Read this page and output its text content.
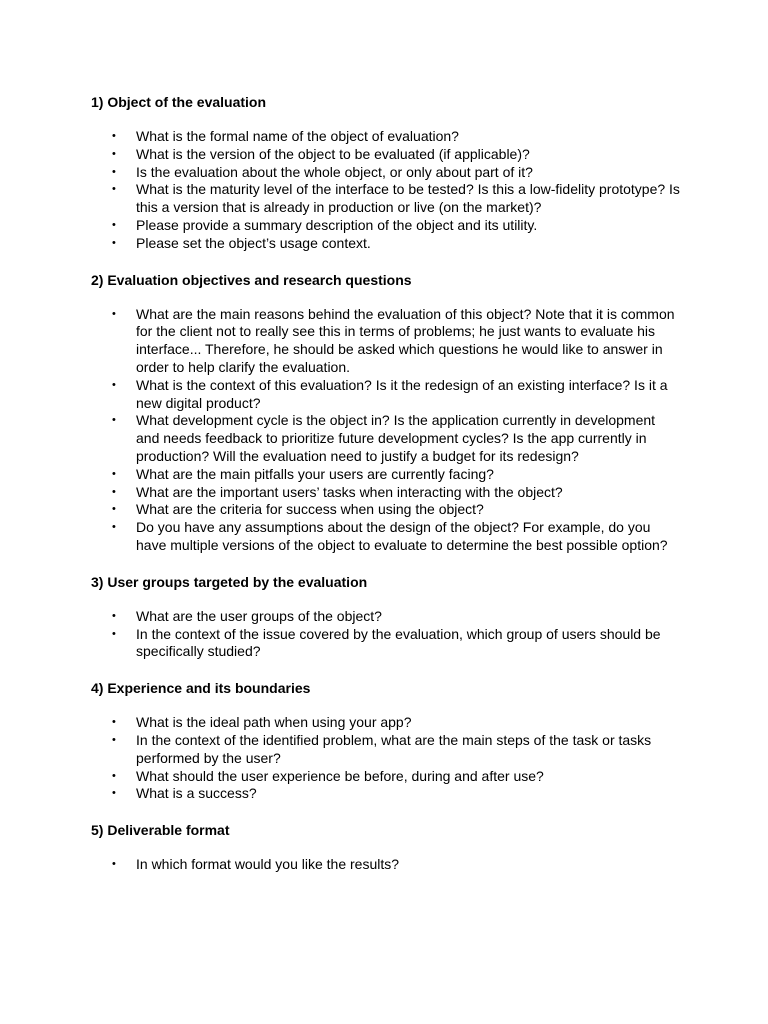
1) Object of the evaluation
• What is the formal name of the object of evaluation?
• What is the version of the object to be evaluated (if applicable)?
• Is the evaluation about the whole object, or only about part of it?
• What is the maturity level of the interface to be tested? Is this a low-fidelity prototype? Is this a version that is already in production or live (on the market)?
• Please provide a summary description of the object and its utility.
• Please set the object’s usage context.
2) Evaluation objectives and research questions
• What are the main reasons behind the evaluation of this object? Note that it is common for the client not to really see this in terms of problems; he just wants to evaluate his interface... Therefore, he should be asked which questions he would like to answer in order to help clarify the evaluation.
• What is the context of this evaluation? Is it the redesign of an existing interface? Is it a new digital product?
• What development cycle is the object in? Is the application currently in development and needs feedback to prioritize future development cycles? Is the app currently in production? Will the evaluation need to justify a budget for its redesign?
• What are the main pitfalls your users are currently facing?
• What are the important users’ tasks when interacting with the object?
• What are the criteria for success when using the object?
• Do you have any assumptions about the design of the object? For example, do you have multiple versions of the object to evaluate to determine the best possible option?
3) User groups targeted by the evaluation
• What are the user groups of the object?
• In the context of the issue covered by the evaluation, which group of users should be specifically studied?
4) Experience and its boundaries
• What is the ideal path when using your app?
• In the context of the identified problem, what are the main steps of the task or tasks performed by the user?
• What should the user experience be before, during and after use?
• What is a success?
5) Deliverable format
• In which format would you like the results?
